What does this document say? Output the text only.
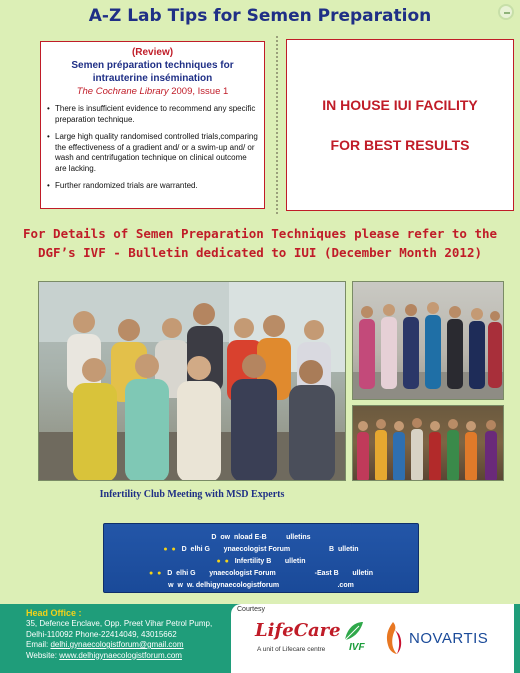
A-Z Lab Tips for Semen Preparation
(Review)
Semen préparation techniques for
intrauterine insémination
The Cochrane Library 2009, Issue 1
• There is insufficient evidence to recommend any specific preparation technique.
• Large high quality randomised controlled trials,comparing the effectiveness of a gradient and/ or a swim-up and/ or wash and centrifugation technique on clinical outcome are lacking.
• Further randomized trials are warranted.
IN HOUSE IUI FACILITY
FOR BEST RESULTS
For Details of Semen Preparation Techniques please refer to the
DGF’s IVF - Bulletin dedicated to IUI (December Month 2012)
Infertility Club Meeting with MSD Experts
D  ow  nload E-B          ulletins
●  ●   D  elhi G       ynaecologist Forum                    B  ulletin
●  ●   Infertility B       ulletin
●  ●   D  elhi G       ynaecologist Forum                    -East B       ulletin
w  w  w. delhigynaecologistforum                              .com
Head Office :
35, Defence Enclave, Opp. Preet Vihar Petrol Pump,
Delhi-110092 Phone-22414049, 43015662
Email: delhi.gynaecologistforum@gmail.com
Website: www.delhigynaecologistforum.com
Courtesy
LifeCare
A unit of Lifecare centre IVF
NOVARTIS
